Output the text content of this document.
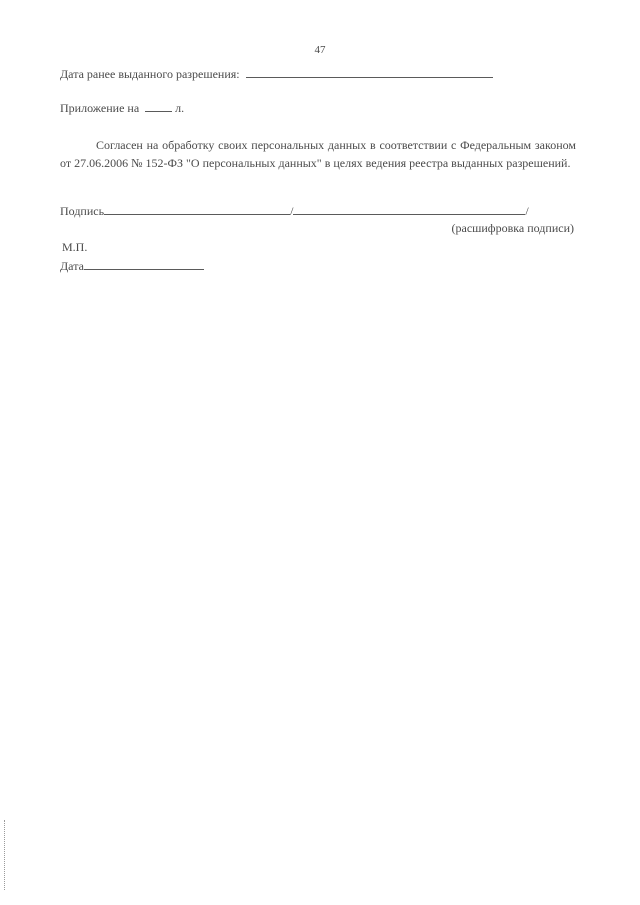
47
Дата ранее выданного разрешения:
Приложение на	л.
Согласен на обработку своих персональных данных в соответствии с Федеральным законом от 27.06.2006 № 152-ФЗ "О персональных данных" в целях ведения реестра выданных разрешений.
Подпись	/	/
(расшифровка подписи)
М.П.
Дата
